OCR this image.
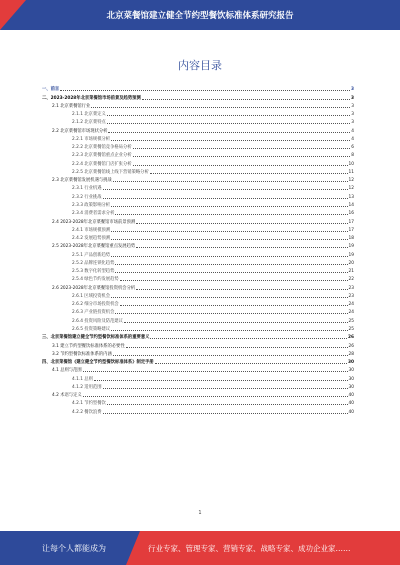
北京菜餐馆建立健全节约型餐饮标准体系研究报告
内容目录
一、前言	3
二、2023-2028年北京菜餐馆市场前景及趋势预测	3
2.1 北京菜餐馆行业	3
2.1.1 北京菜定义	3
2.1.2 北京菜特点	3
2.2 北京菜餐馆市场现状分析	4
2.2.1 市场规模分析	4
2.2.2 北京菜餐馆竞争格局分析	6
2.2.3 北京菜餐馆重点企业分析	8
2.2.4 北京菜餐馆门店扩张分析	10
2.2.5 北京菜餐馆线上线下营销策略分析	11
2.3 北京菜餐馆发展机遇与挑战	12
2.3.1 行业机遇	12
2.3.2 行业挑战	13
2.3.3 政策影响分析	14
2.3.4 消费者需求分析	16
2.4 2023-2028年北京菜餐馆市场前景预测	17
2.4.1 市场规模预测	17
2.4.2 发展趋势预测	18
2.5 2023-2028年北京菜餐馆重点发展趋势	19
2.5.1 产品创新趋势	19
2.5.2 品牌连锁化趋势	20
2.5.3 数字化转型趋势	21
2.5.4 绿色节约发展趋势	22
2.6 2023-2028年北京菜餐馆投资机会分析	23
2.6.1 区域投资机会	23
2.6.2 细分市场投资机会	24
2.6.3 产业链投资机会	24
2.6.4 投资风险及防范建议	25
2.6.5 投资策略建议	25
三、北京菜餐馆建立健全节约型餐饮标准体系的重要意义	26
3.1 建立节约型餐饮标准体系的必要性	26
3.2 节约型餐饮标准体系的内涵	28
四、北京菜餐馆《建立健全节约型餐饮标准体系》制定手册	30
4.1 总则与范围	30
4.1.1 总则	30
4.1.2 适用范围	30
4.2 术语与定义	40
4.2.1 节约型餐饮	40
4.2.2 餐饮浪费	40
1
让每个人都能成为	行业专家、管理专家、营销专家、战略专家、成功企业家……
